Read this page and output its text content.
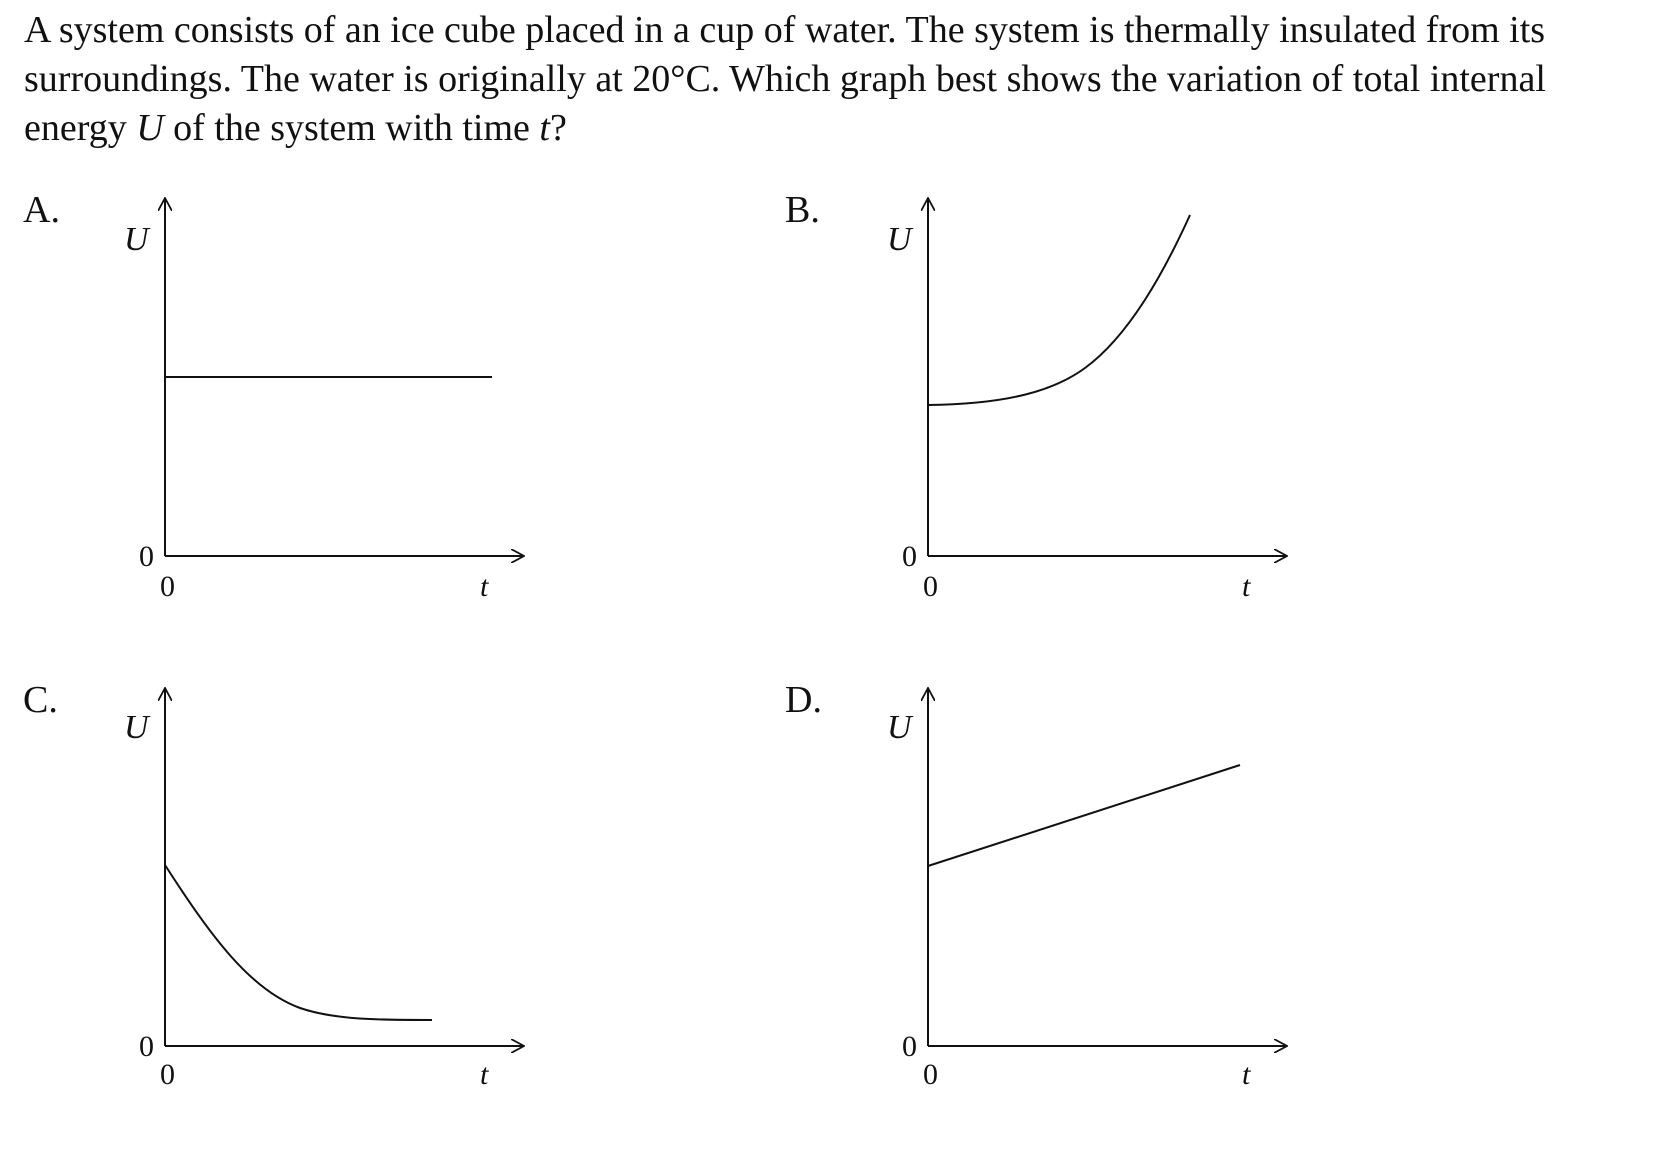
A system consists of an ice cube placed in a cup of water. The system is thermally insulated from its

surroundings. The water is originally at 20°C. Which graph best shows the variation of total internal

energy U of the system with time t?

A.	B.
C.	D.
U
0
0	t
U
0
0	t
U
0
0	t
U
0
0	t
